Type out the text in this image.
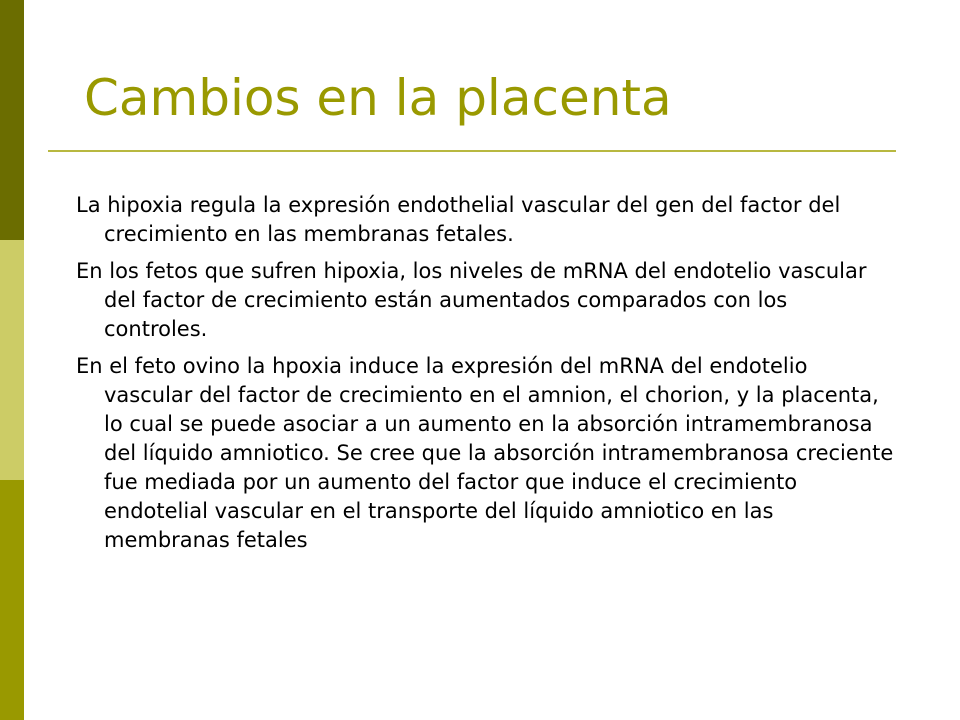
Cambios en la placenta

La hipoxia regula la expresión endothelial vascular del gen del factor del crecimiento en las membranas fetales.

En los fetos que sufren hipoxia, los niveles de mRNA del endotelio vascular del factor de crecimiento están aumentados comparados con los controles.

En el feto ovino la hpoxia induce la expresión del mRNA del endotelio vascular del factor de crecimiento en el amnion, el chorion, y la placenta, lo cual se puede asociar a un aumento en la absorción intramembranosa del líquido amniotico. Se cree que la absorción intramembranosa creciente fue mediada por un aumento del factor que induce el crecimiento endotelial vascular en el transporte del líquido amniotico en las membranas fetales
